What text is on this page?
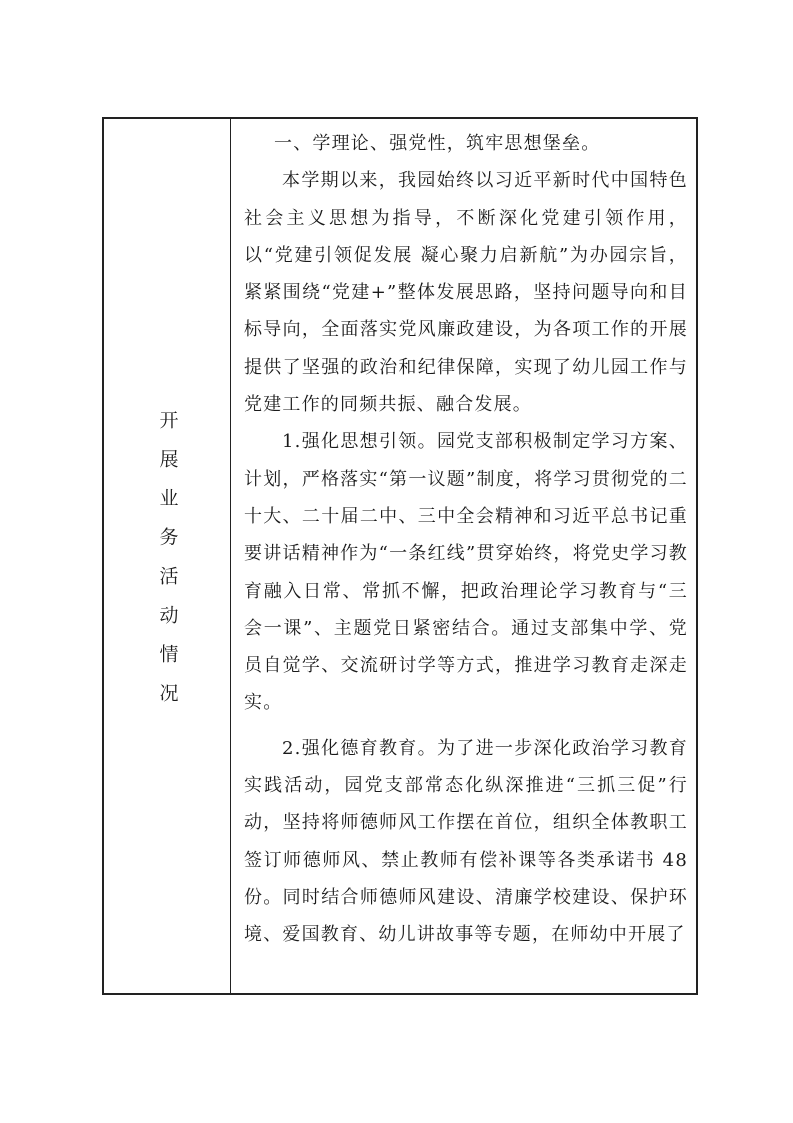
开展业务活动情况

一、学理论、强党性，筑牢思想堡垒。

本学期以来，我园始终以习近平新时代中国特色社会主义思想为指导，不断深化党建引领作用，以“党建引领促发展 凝心聚力启新航”为办园宗旨，紧紧围绕“党建+”整体发展思路，坚持问题导向和目标导向，全面落实党风廉政建设，为各项工作的开展提供了坚强的政治和纪律保障，实现了幼儿园工作与党建工作的同频共振、融合发展。

1.强化思想引领。园党支部积极制定学习方案、计划，严格落实“第一议题”制度，将学习贯彻党的二十大、二十届二中、三中全会精神和习近平总书记重要讲话精神作为“一条红线”贯穿始终，将党史学习教育融入日常、常抓不懈，把政治理论学习教育与“三会一课”、主题党日紧密结合。通过支部集中学、党员自觉学、交流研讨学等方式，推进学习教育走深走实。

2.强化德育教育。为了进一步深化政治学习教育实践活动，园党支部常态化纵深推进“三抓三促”行动，坚持将师德师风工作摆在首位，组织全体教职工签订师德师风、禁止教师有偿补课等各类承诺书 48 份。同时结合师德师风建设、清廉学校建设、保护环境、爱国教育、幼儿讲故事等专题，在师幼中开展了
